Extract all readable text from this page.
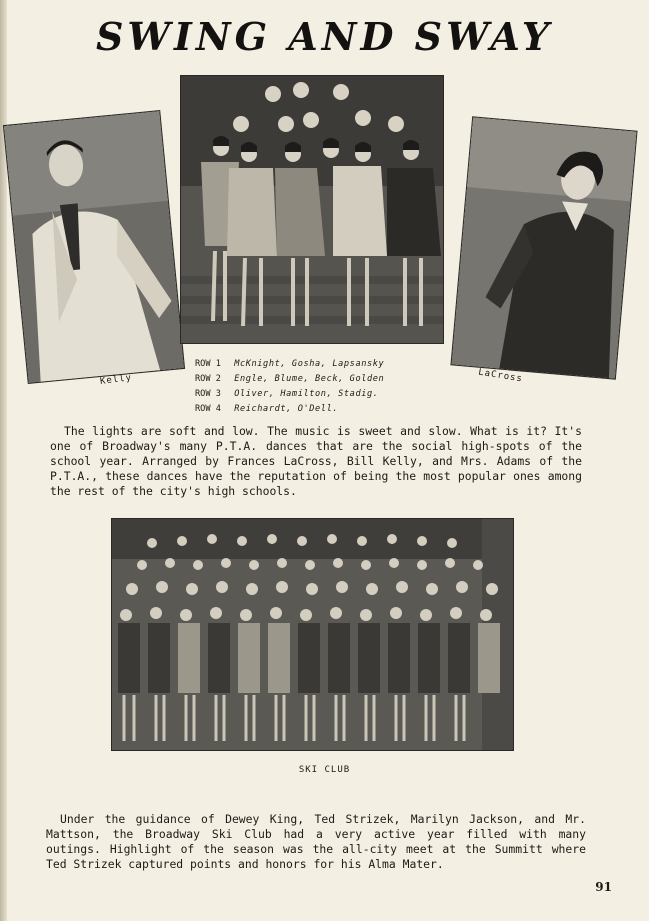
SWING AND SWAY
Kelly	LaCross
ROW 1 McKnight, Gosha, Lapsansky
ROW 2 Engle, Blume, Beck, Golden
ROW 3 Oliver, Hamilton, Stadig.
ROW 4 Reichardt, O'Dell.
The lights are soft and low. The music is sweet and slow. What is it? It's one of Broadway's many P.T.A. dances that are the social high-spots of the school year. Arranged by Frances LaCross, Bill Kelly, and Mrs. Adams of the P.T.A., these dances have the reputation of being the most popular ones among the rest of the city's high schools.
SKI CLUB
Under the guidance of Dewey King, Ted Strizek, Marilyn Jackson, and Mr. Mattson, the Broadway Ski Club had a very active year filled with many outings. Highlight of the season was the all-city meet at the Summitt where Ted Strizek captured points and honors for his Alma Mater.
91
